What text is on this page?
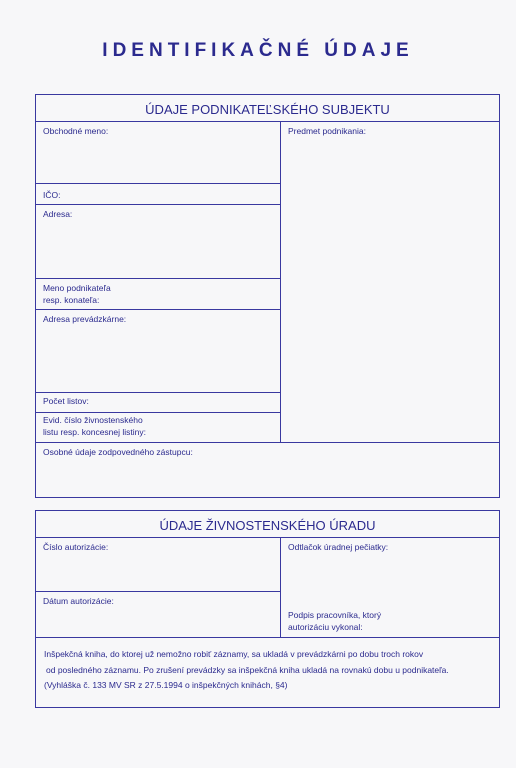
IDENTIFIKAČNÉ ÚDAJE
ÚDAJE PODNIKATEĽSKÉHO SUBJEKTU
Obchodné meno:
IČO:
Adresa:
Meno podnikateľa
resp. konateľa:
Adresa prevádzkárne:
Počet listov:
Evid. číslo živnostenského
listu resp. koncesnej listiny:
Predmet podnikania:
Osobné údaje zodpovedného zástupcu:
ÚDAJE ŽIVNOSTENSKÉHO ÚRADU
Číslo autorizácie:
Dátum autorizácie:
Odtlačok úradnej pečiatky:
Podpis pracovníka, ktorý
autorizáciu vykonal:
Inšpekčná kniha, do ktorej už nemožno robiť záznamy, sa ukladá v prevádzkárni po dobu troch rokov
od posledného záznamu. Po zrušení prevádzky sa inšpekčná kniha ukladá na rovnakú dobu u podnikateľa.
(Vyhláška č. 133 MV SR z 27.5.1994 o inšpekčných knihách, §4)
